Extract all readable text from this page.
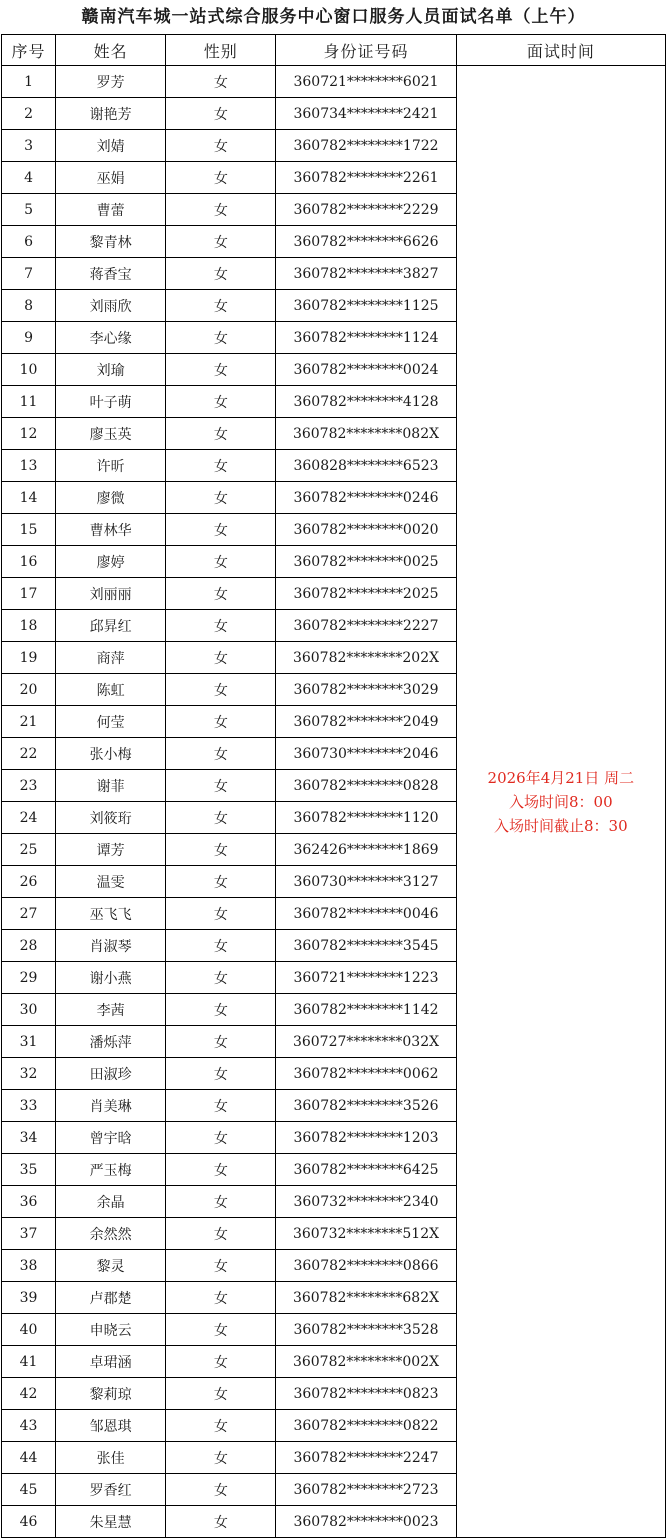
赣南汽车城一站式综合服务中心窗口服务人员面试名单（上午）
序号	姓名	性别	身份证号码	面试时间
1	罗芳	女	360721********6021	2026年4月21日 周二
入场时间8：00
入场时间截止8：30

2	谢艳芳	女	360734********2421	
3	刘婧	女	360782********1722	
4	巫娟	女	360782********2261	
5	曹蕾	女	360782********2229	
6	黎青林	女	360782********6626	
7	蒋香宝	女	360782********3827	
8	刘雨欣	女	360782********1125	
9	李心缘	女	360782********1124	
10	刘瑜	女	360782********0024	
11	叶子萌	女	360782********4128	
12	廖玉英	女	360782********082X	
13	许昕	女	360828********6523	
14	廖微	女	360782********0246	
15	曹林华	女	360782********0020	
16	廖婷	女	360782********0025	
17	刘丽丽	女	360782********2025	
18	邱昇红	女	360782********2227	
19	商萍	女	360782********202X	
20	陈虹	女	360782********3029	
21	何莹	女	360782********2049	
22	张小梅	女	360730********2046	
23	谢菲	女	360782********0828	
24	刘筱珩	女	360782********1120	
25	谭芳	女	362426********1869	
26	温雯	女	360730********3127	
27	巫飞飞	女	360782********0046	
28	肖淑琴	女	360782********3545	
29	谢小燕	女	360721********1223	
30	李茜	女	360782********1142	
31	潘烁萍	女	360727********032X	
32	田淑珍	女	360782********0062	
33	肖美琳	女	360782********3526	
34	曾宇晗	女	360782********1203	
35	严玉梅	女	360782********6425	
36	余晶	女	360732********2340	
37	余然然	女	360732********512X	
38	黎灵	女	360782********0866	
39	卢郡楚	女	360782********682X	
40	申晓云	女	360782********3528	
41	卓珺涵	女	360782********002X	
42	黎莉琼	女	360782********0823	
43	邹恩琪	女	360782********0822	
44	张佳	女	360782********2247	
45	罗香红	女	360782********2723	
46	朱星慧	女	360782********0023	
